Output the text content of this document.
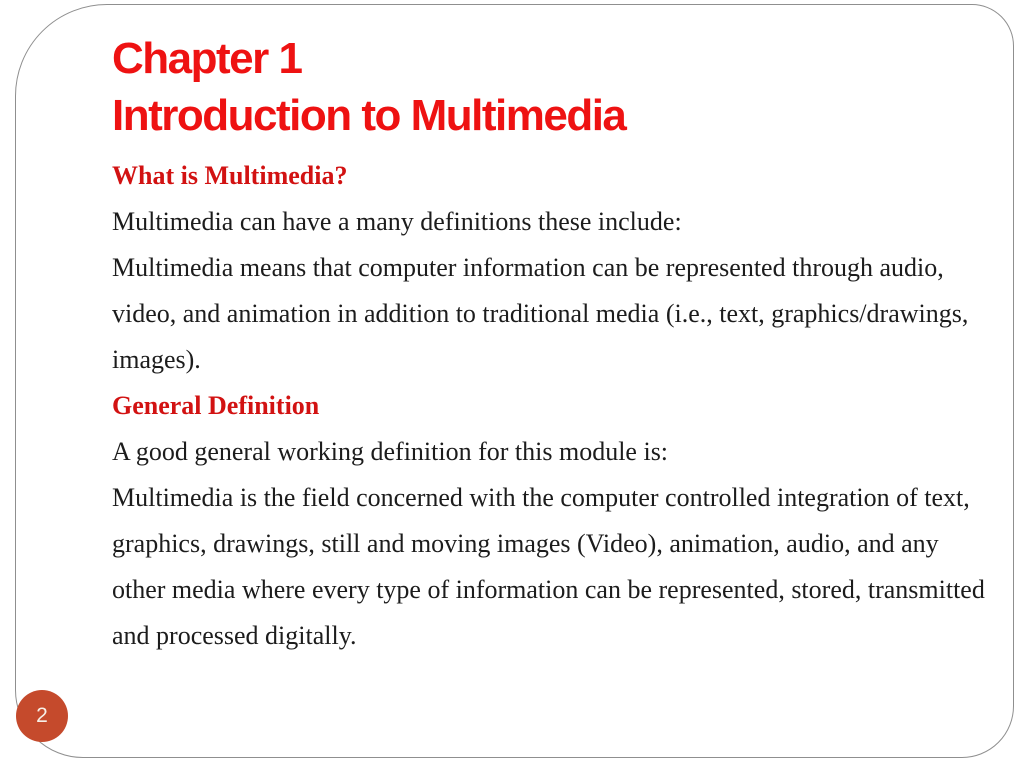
Chapter 1
Introduction to Multimedia

What is Multimedia?

Multimedia can have a many definitions these include:

Multimedia means that computer information can be represented through audio, video, and animation in addition to traditional media (i.e., text, graphics/drawings, images).

General Definition

A good general working definition for this module is:

Multimedia is the field concerned with the computer controlled integration of text, graphics, drawings, still and moving images (Video), animation, audio, and any other media where every type of information can be represented, stored, transmitted and processed digitally.

2
